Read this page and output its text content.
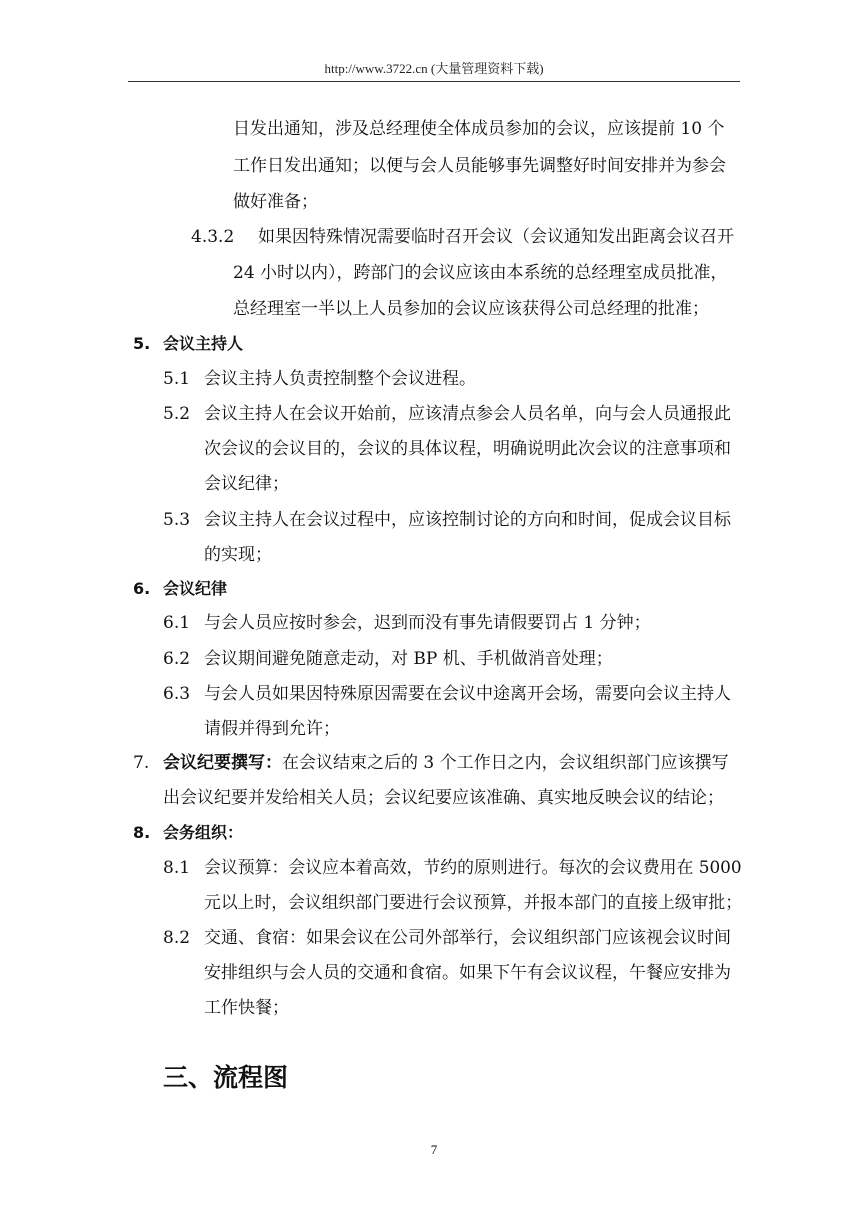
http://www.3722.cn (大量管理资料下载)
日发出通知，涉及总经理使全体成员参加的会议，应该提前 10 个
工作日发出通知；以便与会人员能够事先调整好时间安排并为参会
做好准备；
4.3.2 如果因特殊情况需要临时召开会议（会议通知发出距离会议召开
24 小时以内），跨部门的会议应该由本系统的总经理室成员批准，
总经理室一半以上人员参加的会议应该获得公司总经理的批准；
5. 会议主持人
5.1 会议主持人负责控制整个会议进程。
5.2 会议主持人在会议开始前，应该清点参会人员名单，向与会人员通报此
次会议的会议目的，会议的具体议程，明确说明此次会议的注意事项和
会议纪律；
5.3 会议主持人在会议过程中，应该控制讨论的方向和时间，促成会议目标
的实现；
6. 会议纪律
6.1 与会人员应按时参会，迟到而没有事先请假要罚占 1 分钟；
6.2 会议期间避免随意走动，对 BP 机、手机做消音处理；
6.3 与会人员如果因特殊原因需要在会议中途离开会场，需要向会议主持人
请假并得到允许；
7. 会议纪要撰写：在会议结束之后的 3 个工作日之内，会议组织部门应该撰写
出会议纪要并发给相关人员；会议纪要应该准确、真实地反映会议的结论；
8. 会务组织：
8.1 会议预算：会议应本着高效，节约的原则进行。每次的会议费用在 5000
元以上时，会议组织部门要进行会议预算，并报本部门的直接上级审批；
8.2 交通、食宿：如果会议在公司外部举行，会议组织部门应该视会议时间
安排组织与会人员的交通和食宿。如果下午有会议议程，午餐应安排为
工作快餐；
三、流程图
7
